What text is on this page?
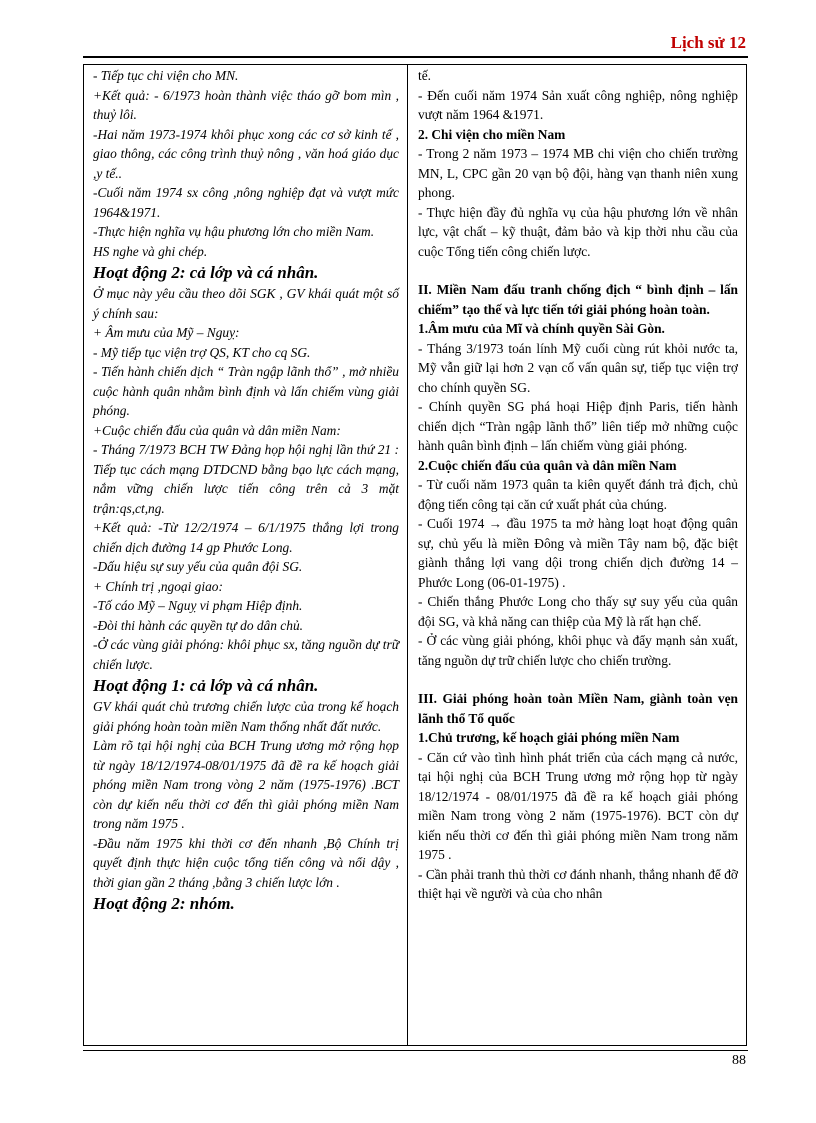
Lịch sử 12
- Tiếp tục chi viện cho MN.
+Kết quả: - 6/1973 hoàn thành việc tháo gỡ bom mìn , thuỷ lôi.
-Hai năm 1973-1974 khôi phục xong các cơ sở kinh tế , giao thông, các công trình thuỷ nông , văn hoá giáo dục ,y tế..
-Cuối năm 1974 sx công ,nông nghiệp đạt và vượt mức 1964&1971.
-Thực hiện nghĩa vụ hậu phương lớn cho miền Nam.
HS nghe và ghi chép.
Hoạt động 2: cả lớp và cá nhân.
Ở mục này yêu cầu theo dõi SGK , GV khái quát một số ý chính sau:
+ Âm mưu của Mỹ – Nguỵ:
- Mỹ tiếp tục viện trợ QS, KT cho cq SG.
- Tiến hành chiến dịch “ Tràn ngập lãnh thổ” , mở nhiều cuộc hành quân nhằm bình định và lấn chiếm vùng giải phóng.
+Cuộc chiến đấu của quân và dân miền Nam:
- Tháng 7/1973 BCH TW Đảng họp hội nghị lần thứ 21 : Tiếp tục cách mạng DTDCND bằng bạo lực cách mạng, nắm vững chiến lược tiến công trên cả 3 mặt trận:qs,ct,ng.
+Kết quả: -Từ 12/2/1974 – 6/1/1975 thắng lợi trong chiến dịch đường 14 gp Phước Long.
-Dấu hiệu sự suy yếu của quân đội SG.
+ Chính trị ,ngoại giao:
-Tố cáo Mỹ – Nguỵ vi phạm Hiệp định.
-Đòi thi hành các quyền tự do dân chủ.
-Ở các vùng giải phóng: khôi phục sx, tăng nguồn dự trữ chiến lược.
Hoạt động 1: cả lớp và cá nhân.
GV khái quát chủ trương chiến lược của trong kế hoạch giải phóng hoàn toàn miền Nam thống nhất đất nước.
Làm rõ tại hội nghị của BCH Trung ương mở rộng họp từ ngày 18/12/1974-08/01/1975 đã đề ra kế hoạch giải phóng miền Nam trong vòng 2 năm (1975-1976) .BCT còn dự kiến nếu thời cơ đến thì giải phóng miền Nam trong năm 1975 .
-Đầu năm 1975 khi thời cơ đến nhanh ,Bộ Chính trị quyết định thực hiện cuộc tổng tiến công và nổi dậy , thời gian gần 2 tháng ,bằng 3 chiến lược lớn .
Hoạt động 2: nhóm.
tế.
- Đến cuối năm 1974 Sản xuất công nghiệp, nông nghiệp vượt năm 1964 &1971.
2. Chi viện cho miền Nam
- Trong 2 năm 1973 – 1974 MB chi viện cho chiến trường MN, L, CPC gần 20 vạn bộ đội, hàng vạn thanh niên xung phong.
- Thực hiện đầy đủ nghĩa vụ của hậu phương lớn về nhân lực, vật chất – kỹ thuật, đảm bảo và kịp thời nhu cầu của cuộc Tổng tiến công chiến lược.
II. Miền Nam đấu tranh chống địch “ bình định – lấn chiếm” tạo thế và lực tiến tới giải phóng hoàn toàn.
1.Âm mưu của Mĩ và chính quyền Sài Gòn.
- Tháng 3/1973 toán lính Mỹ cuối cùng rút khỏi nước ta, Mỹ vẫn giữ lại hơn 2 vạn cố vấn quân sự, tiếp tục viện trợ cho chính quyền SG.
- Chính quyền SG phá hoại Hiệp định Paris, tiến hành chiến dịch “Tràn ngập lãnh thổ” liên tiếp mở những cuộc hành quân bình định – lấn chiếm vùng giải phóng.
2.Cuộc chiến đấu của quân và dân miền Nam
- Từ cuối năm 1973 quân ta kiên quyết đánh trả địch, chủ động tiến công tại căn cứ xuất phát của chúng.
- Cuối 1974 → đầu 1975 ta mở hàng loạt hoạt động quân sự, chủ yếu là miền Đông và miền Tây nam bộ, đặc biệt giành thắng lợi vang dội trong chiến dịch đường 14 – Phước Long (06-01-1975) .
- Chiến thắng Phước Long cho thấy sự suy yếu của quân đội SG, và khả năng can thiệp của Mỹ là rất hạn chế.
- Ở các vùng giải phóng, khôi phục và đẩy mạnh sản xuất, tăng nguồn dự trữ chiến lược cho chiến trường.
III. Giải phóng hoàn toàn Miền Nam, giành toàn vẹn lãnh thổ Tổ quốc
1.Chủ trương, kế hoạch giải phóng miền Nam
- Căn cứ vào tình hình phát triển của cách mạng cả nước, tại hội nghị của BCH Trung ương mở rộng họp từ ngày 18/12/1974 - 08/01/1975 đã đề ra kế hoạch giải phóng miền Nam trong vòng 2 năm (1975-1976). BCT còn dự kiến nếu thời cơ đến thì giải phóng miền Nam trong năm 1975 .
- Cần phải tranh thủ thời cơ đánh nhanh, thắng nhanh để đỡ thiệt hại về người và của cho nhân
88
